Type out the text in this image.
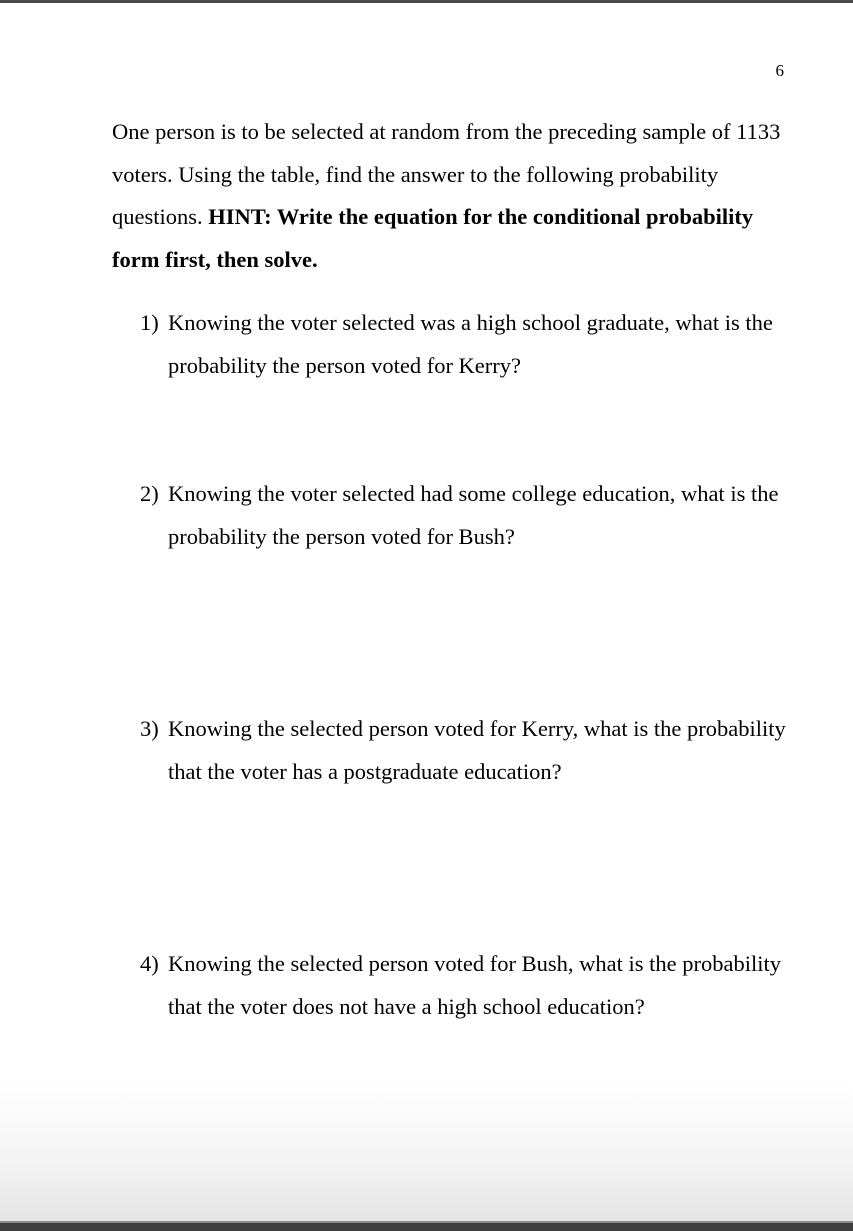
6

One person is to be selected at random from the preceding sample of 1133 voters. Using the table, find the answer to the following probability questions. HINT: Write the equation for the conditional probability form first, then solve.

1) Knowing the voter selected was a high school graduate, what is the probability the person voted for Kerry?
2) Knowing the voter selected had some college education, what is the probability the person voted for Bush?
3) Knowing the selected person voted for Kerry, what is the probability that the voter has a postgraduate education?
4) Knowing the selected person voted for Bush, what is the probability that the voter does not have a high school education?
